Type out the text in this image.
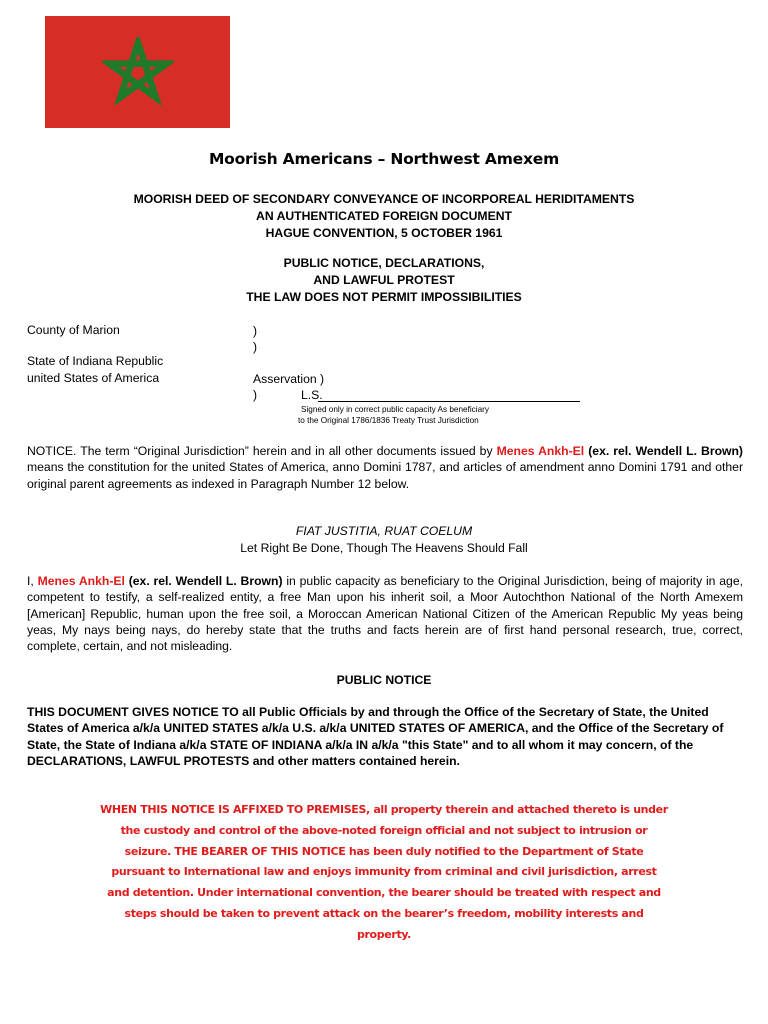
Moorish Americans – Northwest Amexem
MOORISH DEED OF SECONDARY CONVEYANCE OF INCORPOREAL HERIDITAMENTS
AN AUTHENTICATED FOREIGN DOCUMENT
HAGUE CONVENTION, 5 OCTOBER 1961
PUBLIC NOTICE, DECLARATIONS,
AND LAWFUL PROTEST
THE LAW DOES NOT PERMIT IMPOSSIBILITIES
County of Marion
State of Indiana Republic
united States of America
)
)
Asservation )
)	L.S.
Signed only in correct public capacity As beneficiary
to the Original 1786/1836 Treaty Trust Jurisdiction
NOTICE. The term “Original Jurisdiction” herein and in all other documents issued by Menes Ankh-El (ex. rel. Wendell L. Brown) means the constitution for the united States of America, anno Domini 1787, and articles of amendment anno Domini 1791 and other original parent agreements as indexed in Paragraph Number 12 below.
FIAT JUSTITIA, RUAT COELUM
Let Right Be Done, Though The Heavens Should Fall
I, Menes Ankh-El (ex. rel. Wendell L. Brown) in public capacity as beneficiary to the Original Jurisdiction, being of majority in age, competent to testify, a self-realized entity, a free Man upon his inherit soil, a Moor Autochthon National of the North Amexem [American] Republic, human upon the free soil, a Moroccan American National Citizen of the American Republic My yeas being yeas, My nays being nays, do hereby state that the truths and facts herein are of first hand personal research, true, correct, complete, certain, and not misleading.
PUBLIC NOTICE
THIS DOCUMENT GIVES NOTICE TO all Public Officials by and through the Office of the Secretary of State, the United States of America a/k/a UNITED STATES a/k/a U.S. a/k/a UNITED STATES OF AMERICA, and the Office of the Secretary of State, the State of Indiana a/k/a STATE OF INDIANA a/k/a IN a/k/a "this State" and to all whom it may concern, of the DECLARATIONS, LAWFUL PROTESTS and other matters contained herein.
WHEN THIS NOTICE IS AFFIXED TO PREMISES, all property therein and attached thereto is under the custody and control of the above-noted foreign official and not subject to intrusion or seizure. THE BEARER OF THIS NOTICE has been duly notified to the Department of State pursuant to International law and enjoys immunity from criminal and civil jurisdiction, arrest and detention. Under international convention, the bearer should be treated with respect and steps should be taken to prevent attack on the bearer’s freedom, mobility interests and property.
